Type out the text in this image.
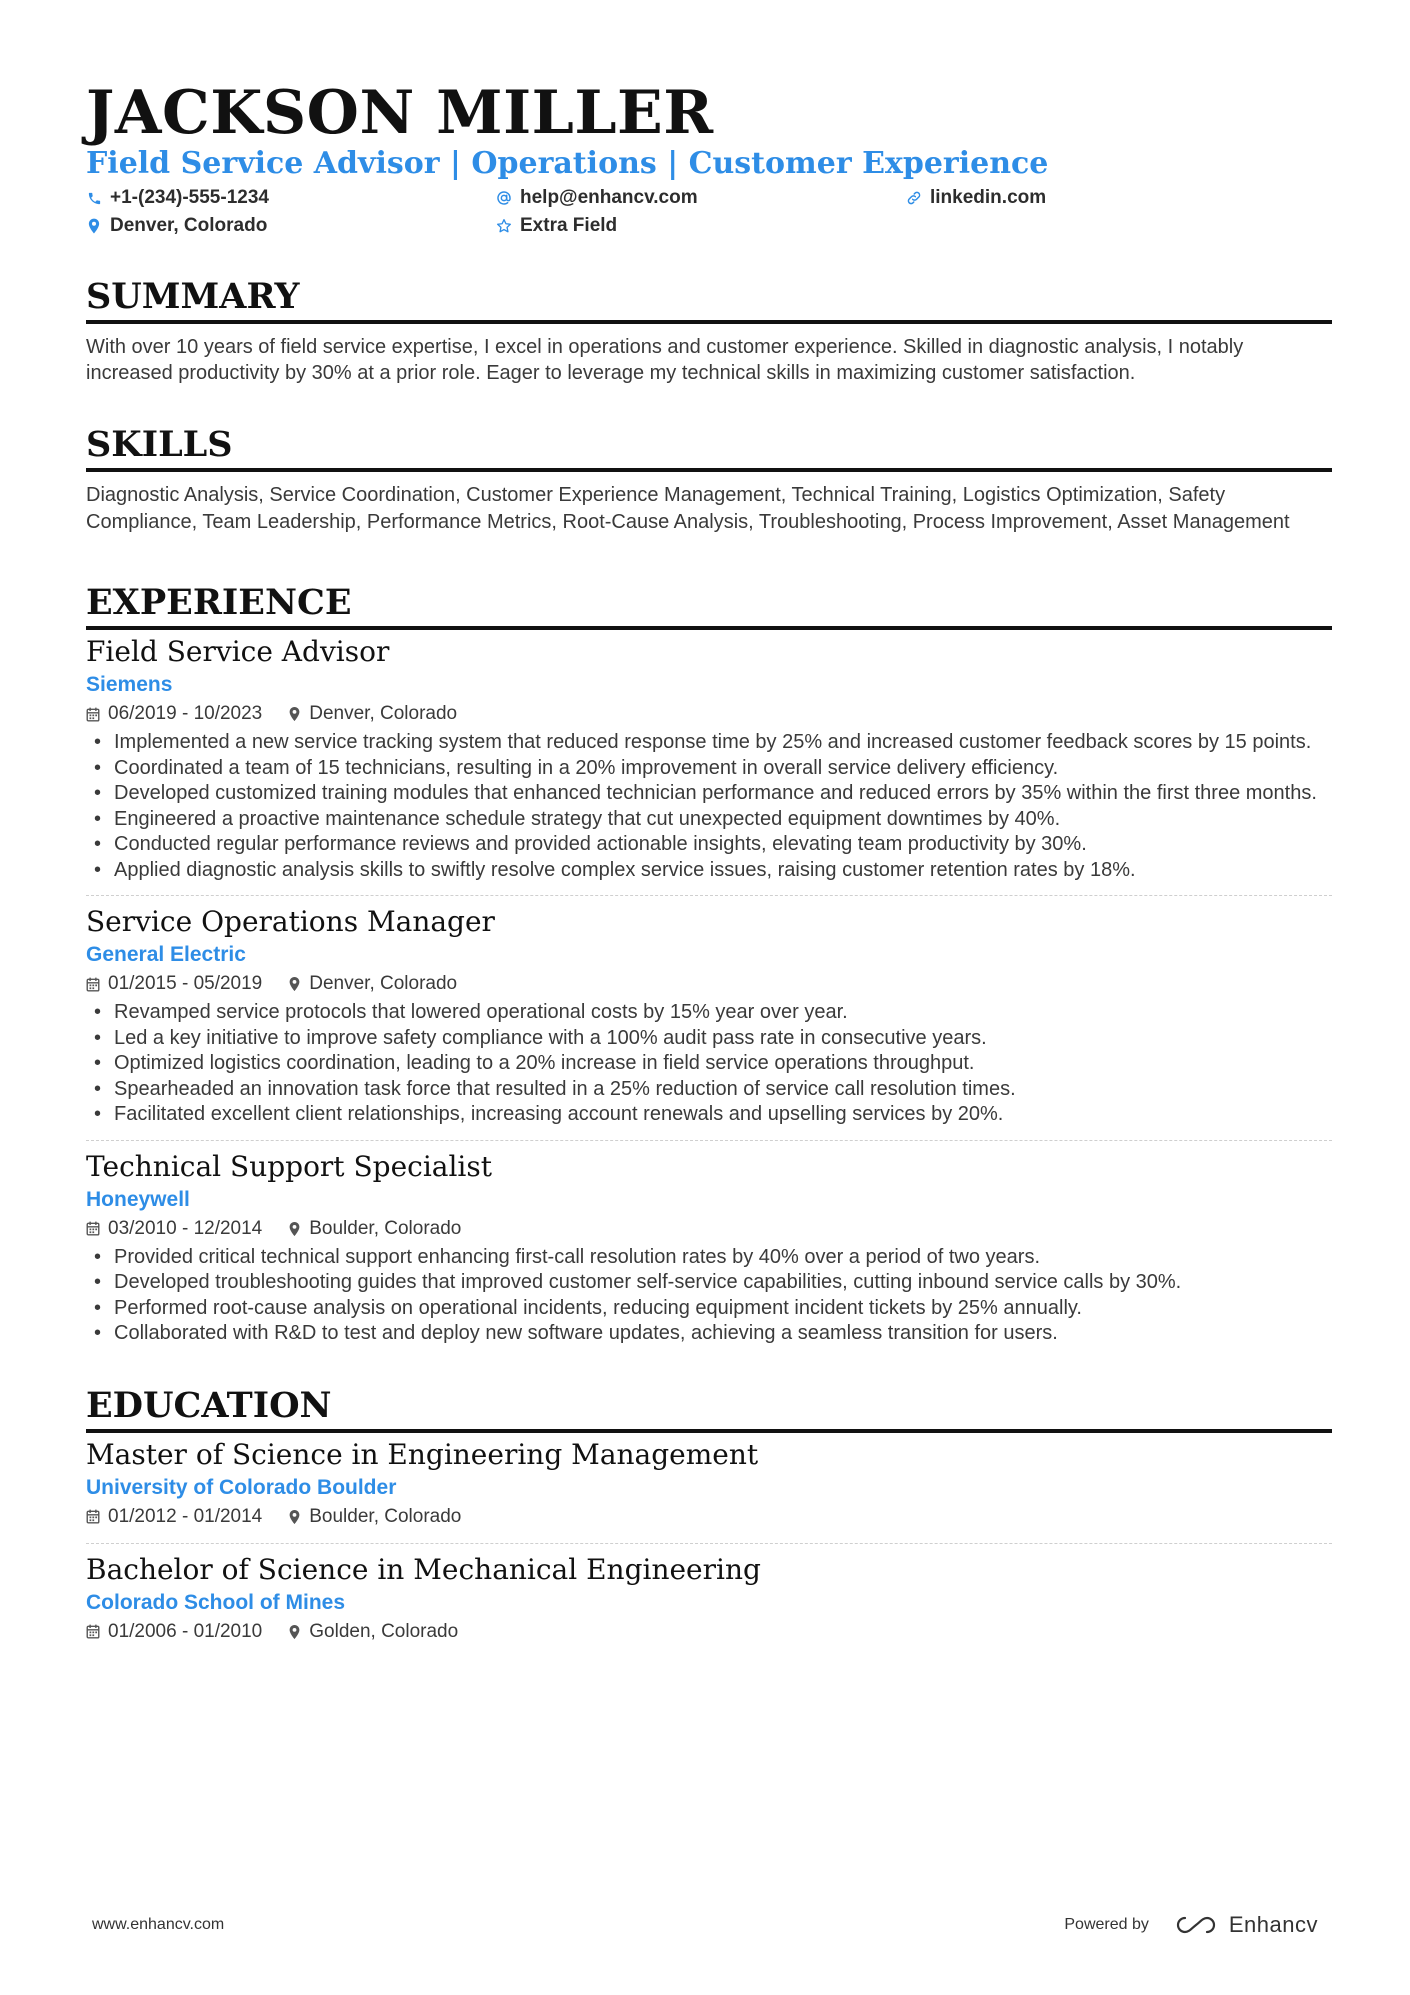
JACKSON MILLER
Field Service Advisor | Operations | Customer Experience
+1-(234)-555-1234	help@enhancv.com	linkedin.com
Denver, Colorado	Extra Field
SUMMARY

With over 10 years of field service expertise, I excel in operations and customer experience. Skilled in diagnostic analysis, I notably increased productivity by 30% at a prior role. Eager to leverage my technical skills in maximizing customer satisfaction.

SKILLS

Diagnostic Analysis, Service Coordination, Customer Experience Management, Technical Training, Logistics Optimization, Safety Compliance, Team Leadership, Performance Metrics, Root-Cause Analysis, Troubleshooting, Process Improvement, Asset Management

EXPERIENCE
Field Service Advisor
Siemens
06/2019 - 10/2023 Denver, Colorado
• Implemented a new service tracking system that reduced response time by 25% and increased customer feedback scores by 15 points.
• Coordinated a team of 15 technicians, resulting in a 20% improvement in overall service delivery efficiency.
• Developed customized training modules that enhanced technician performance and reduced errors by 35% within the first three months.
• Engineered a proactive maintenance schedule strategy that cut unexpected equipment downtimes by 40%.
• Conducted regular performance reviews and provided actionable insights, elevating team productivity by 30%.
• Applied diagnostic analysis skills to swiftly resolve complex service issues, raising customer retention rates by 18%.
Service Operations Manager
General Electric
01/2015 - 05/2019 Denver, Colorado
• Revamped service protocols that lowered operational costs by 15% year over year.
• Led a key initiative to improve safety compliance with a 100% audit pass rate in consecutive years.
• Optimized logistics coordination, leading to a 20% increase in field service operations throughput.
• Spearheaded an innovation task force that resulted in a 25% reduction of service call resolution times.
• Facilitated excellent client relationships, increasing account renewals and upselling services by 20%.
Technical Support Specialist
Honeywell
03/2010 - 12/2014 Boulder, Colorado
• Provided critical technical support enhancing first-call resolution rates by 40% over a period of two years.
• Developed troubleshooting guides that improved customer self-service capabilities, cutting inbound service calls by 30%.
• Performed root-cause analysis on operational incidents, reducing equipment incident tickets by 25% annually.
• Collaborated with R&D to test and deploy new software updates, achieving a seamless transition for users.
EDUCATION
Master of Science in Engineering Management
University of Colorado Boulder
01/2012 - 01/2014 Boulder, Colorado
Bachelor of Science in Mechanical Engineering
Colorado School of Mines
01/2006 - 01/2010 Golden, Colorado
www.enhancv.com	Powered by	Enhancv
